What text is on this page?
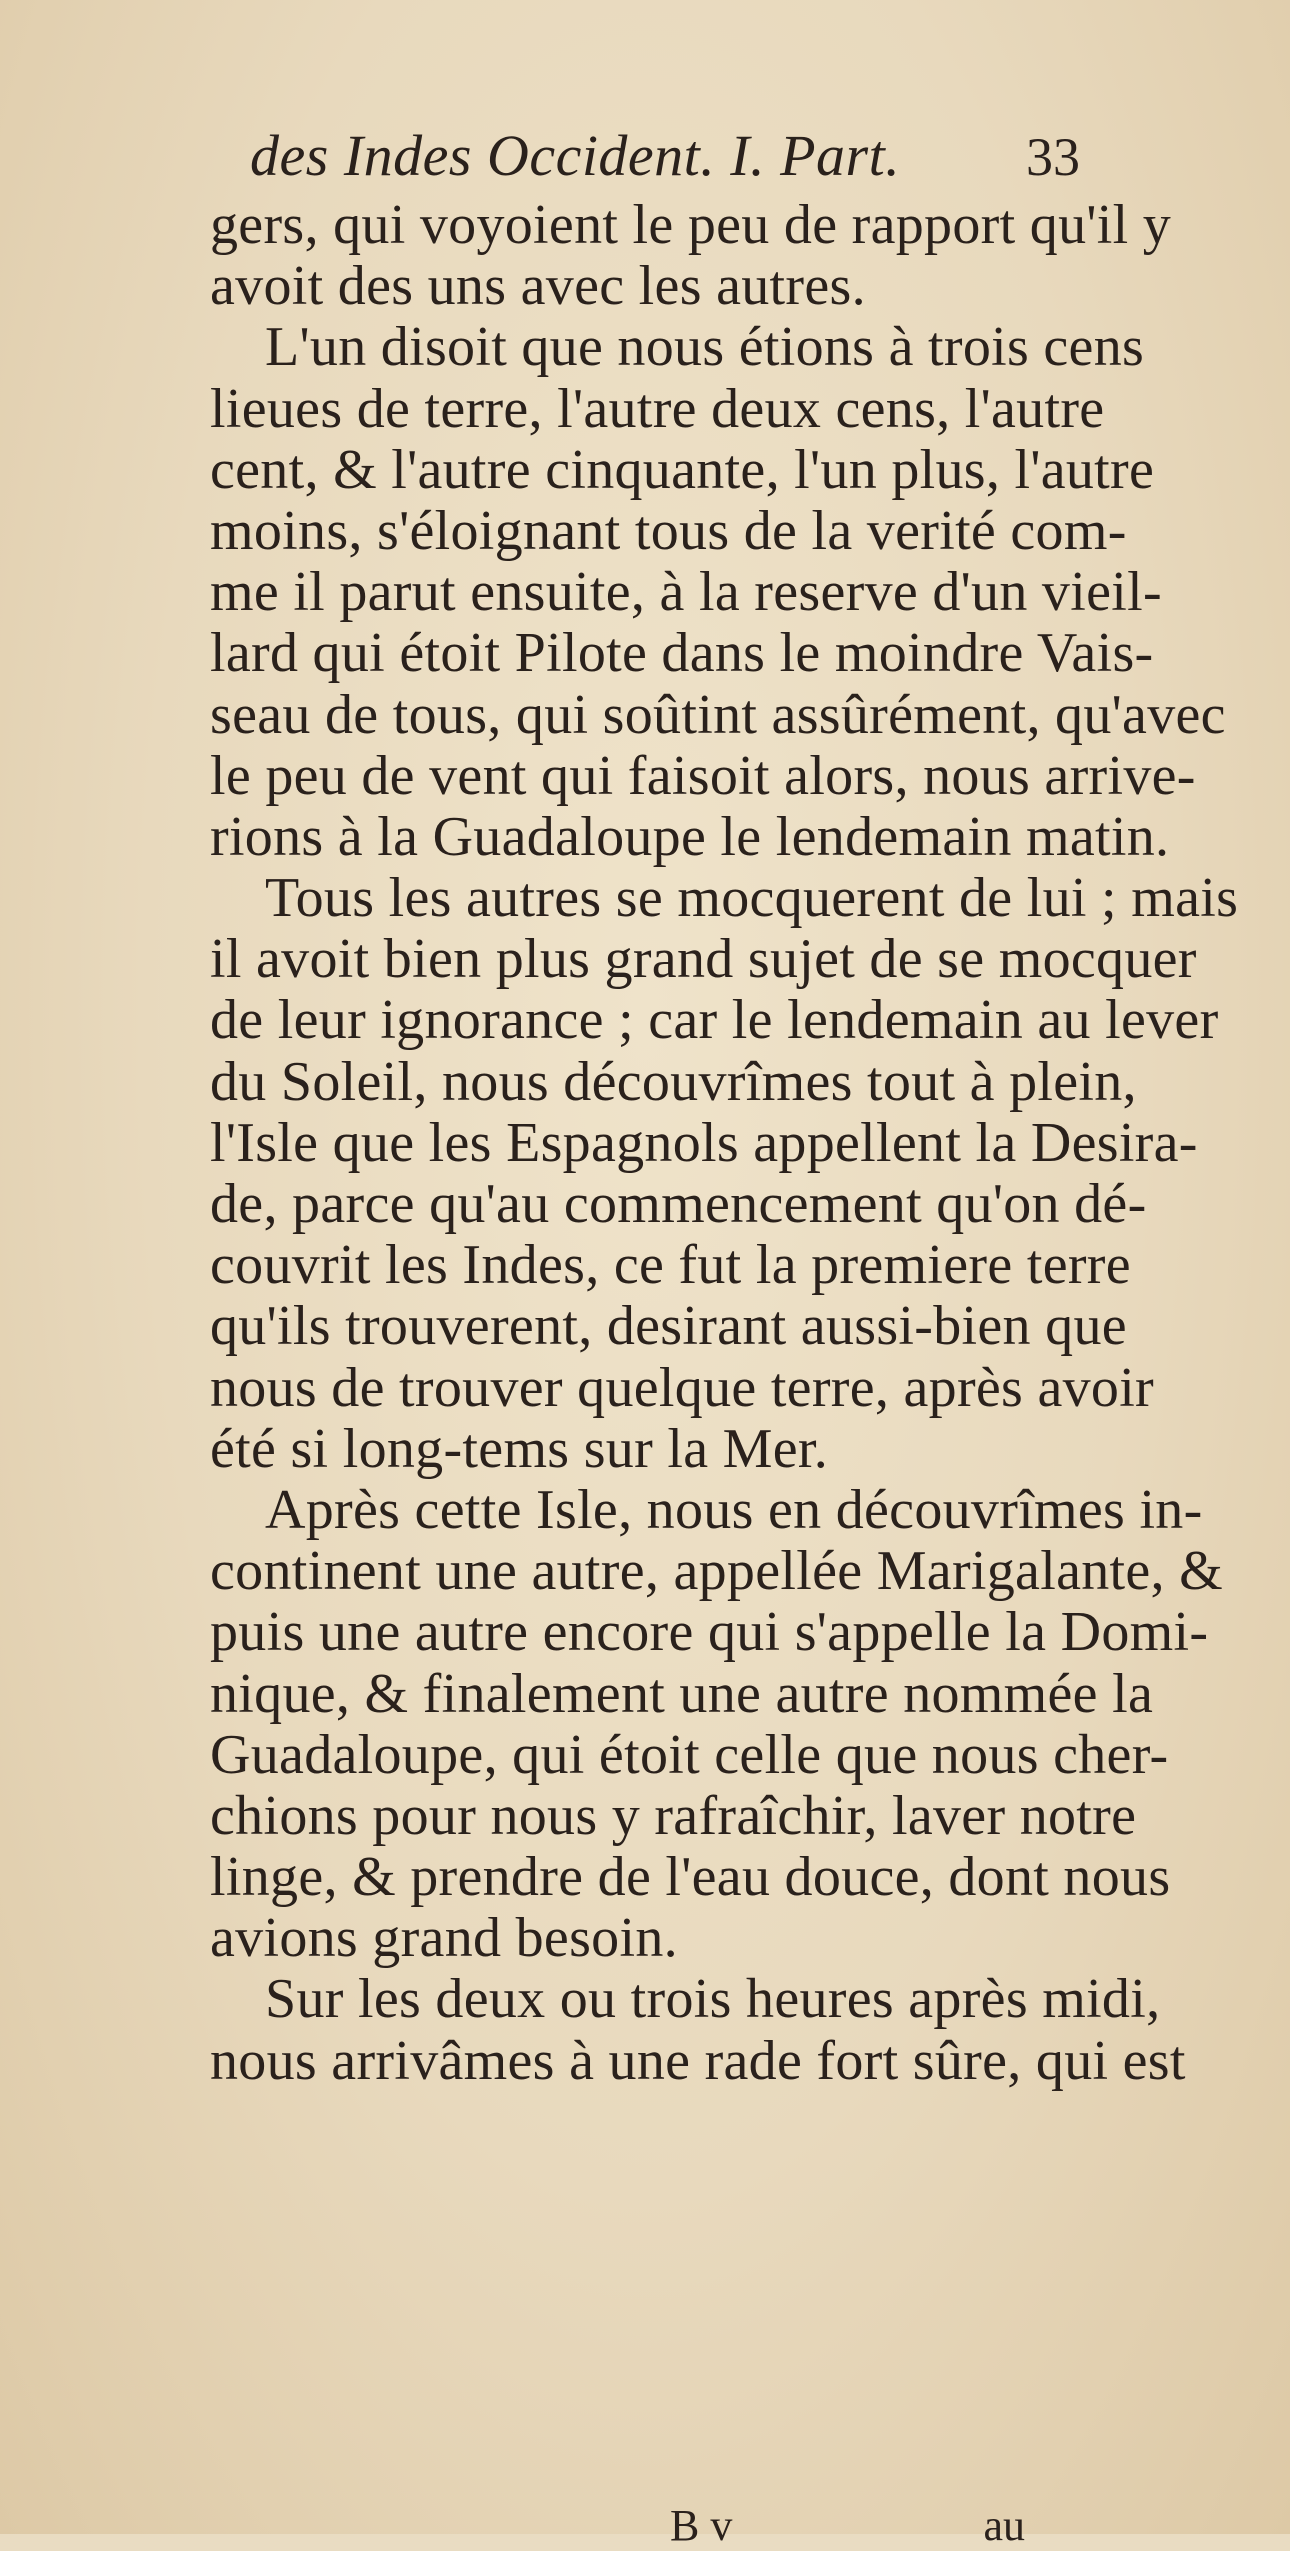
des Indes Occident. I. Part. 33
gers, qui voyoient le peu de rapport qu'il y
avoit des uns avec les autres.
L'un disoit que nous étions à trois cens
lieues de terre, l'autre deux cens, l'autre
cent, & l'autre cinquante, l'un plus, l'autre
moins, s'éloignant tous de la verité com-
me il parut ensuite, à la reserve d'un vieil-
lard qui étoit Pilote dans le moindre Vais-
seau de tous, qui soûtint assûrément, qu'avec
le peu de vent qui faisoit alors, nous arrive-
rions à la Guadaloupe le lendemain matin.
Tous les autres se mocquerent de lui ; mais
il avoit bien plus grand sujet de se mocquer
de leur ignorance ; car le lendemain au lever
du Soleil, nous découvrîmes tout à plein,
l'Isle que les Espagnols appellent la Desira-
de, parce qu'au commencement qu'on dé-
couvrit les Indes, ce fut la premiere terre
qu'ils trouverent, desirant aussi-bien que
nous de trouver quelque terre, après avoir
été si long-tems sur la Mer.
Après cette Isle, nous en découvrîmes in-
continent une autre, appellée Marigalante, &
puis une autre encore qui s'appelle la Domi-
nique, & finalement une autre nommée la
Guadaloupe, qui étoit celle que nous cher-
chions pour nous y rafraîchir, laver notre
linge, & prendre de l'eau douce, dont nous
avions grand besoin.
Sur les deux ou trois heures après midi,
nous arrivâmes à une rade fort sûre, qui est
B v	au
